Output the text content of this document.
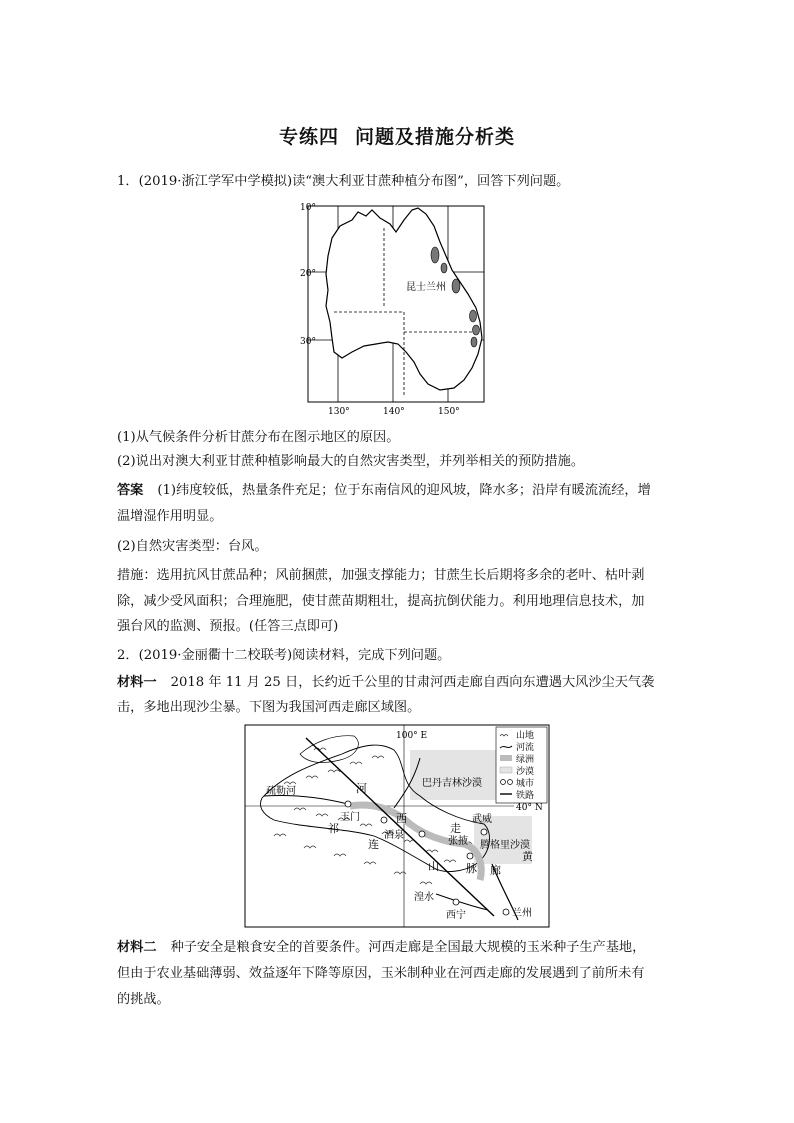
专练四 问题及措施分析类
1．(2019·浙江学军中学模拟)读“澳大利亚甘蔗种植分布图”，回答下列问题。
10°
20°
30°
130°	140°	150°
昆士兰州
(1)从气候条件分析甘蔗分布在图示地区的原因。
(2)说出对澳大利亚甘蔗种植影响最大的自然灾害类型，并列举相关的预防措施。
答案 (1)纬度较低，热量条件充足；位于东南信风的迎风坡，降水多；沿岸有暖流流经，增
温增湿作用明显。
(2)自然灾害类型：台风。
措施：选用抗风甘蔗品种；风前捆蔗，加强支撑能力；甘蔗生长后期将多余的老叶、枯叶剥
除，减少受风面积；合理施肥，使甘蔗苗期粗壮，提高抗倒伏能力。利用地理信息技术，加
强台风的监测、预报。(任答三点即可)
2．(2019·金丽衢十二校联考)阅读材料，完成下列问题。
材料一 2018 年 11 月 25 日，长约近千公里的甘肃河西走廊自西向东遭遇大风沙尘天气袭
击，多地出现沙尘暴。下图为我国河西走廊区域图。
疏勒河
巴丹吉林沙漠
腾格里沙漠
玉门
酒泉
张掖
武威
河
西
走
廊
祁
连
山 脉
黄
湟水
西宁	兰州
100° E
40° N
山地
河流
绿洲
沙漠
城市
铁路
材料二 种子安全是粮食安全的首要条件。河西走廊是全国最大规模的玉米种子生产基地，
但由于农业基础薄弱、效益逐年下降等原因，玉米制种业在河西走廊的发展遇到了前所未有
的挑战。
